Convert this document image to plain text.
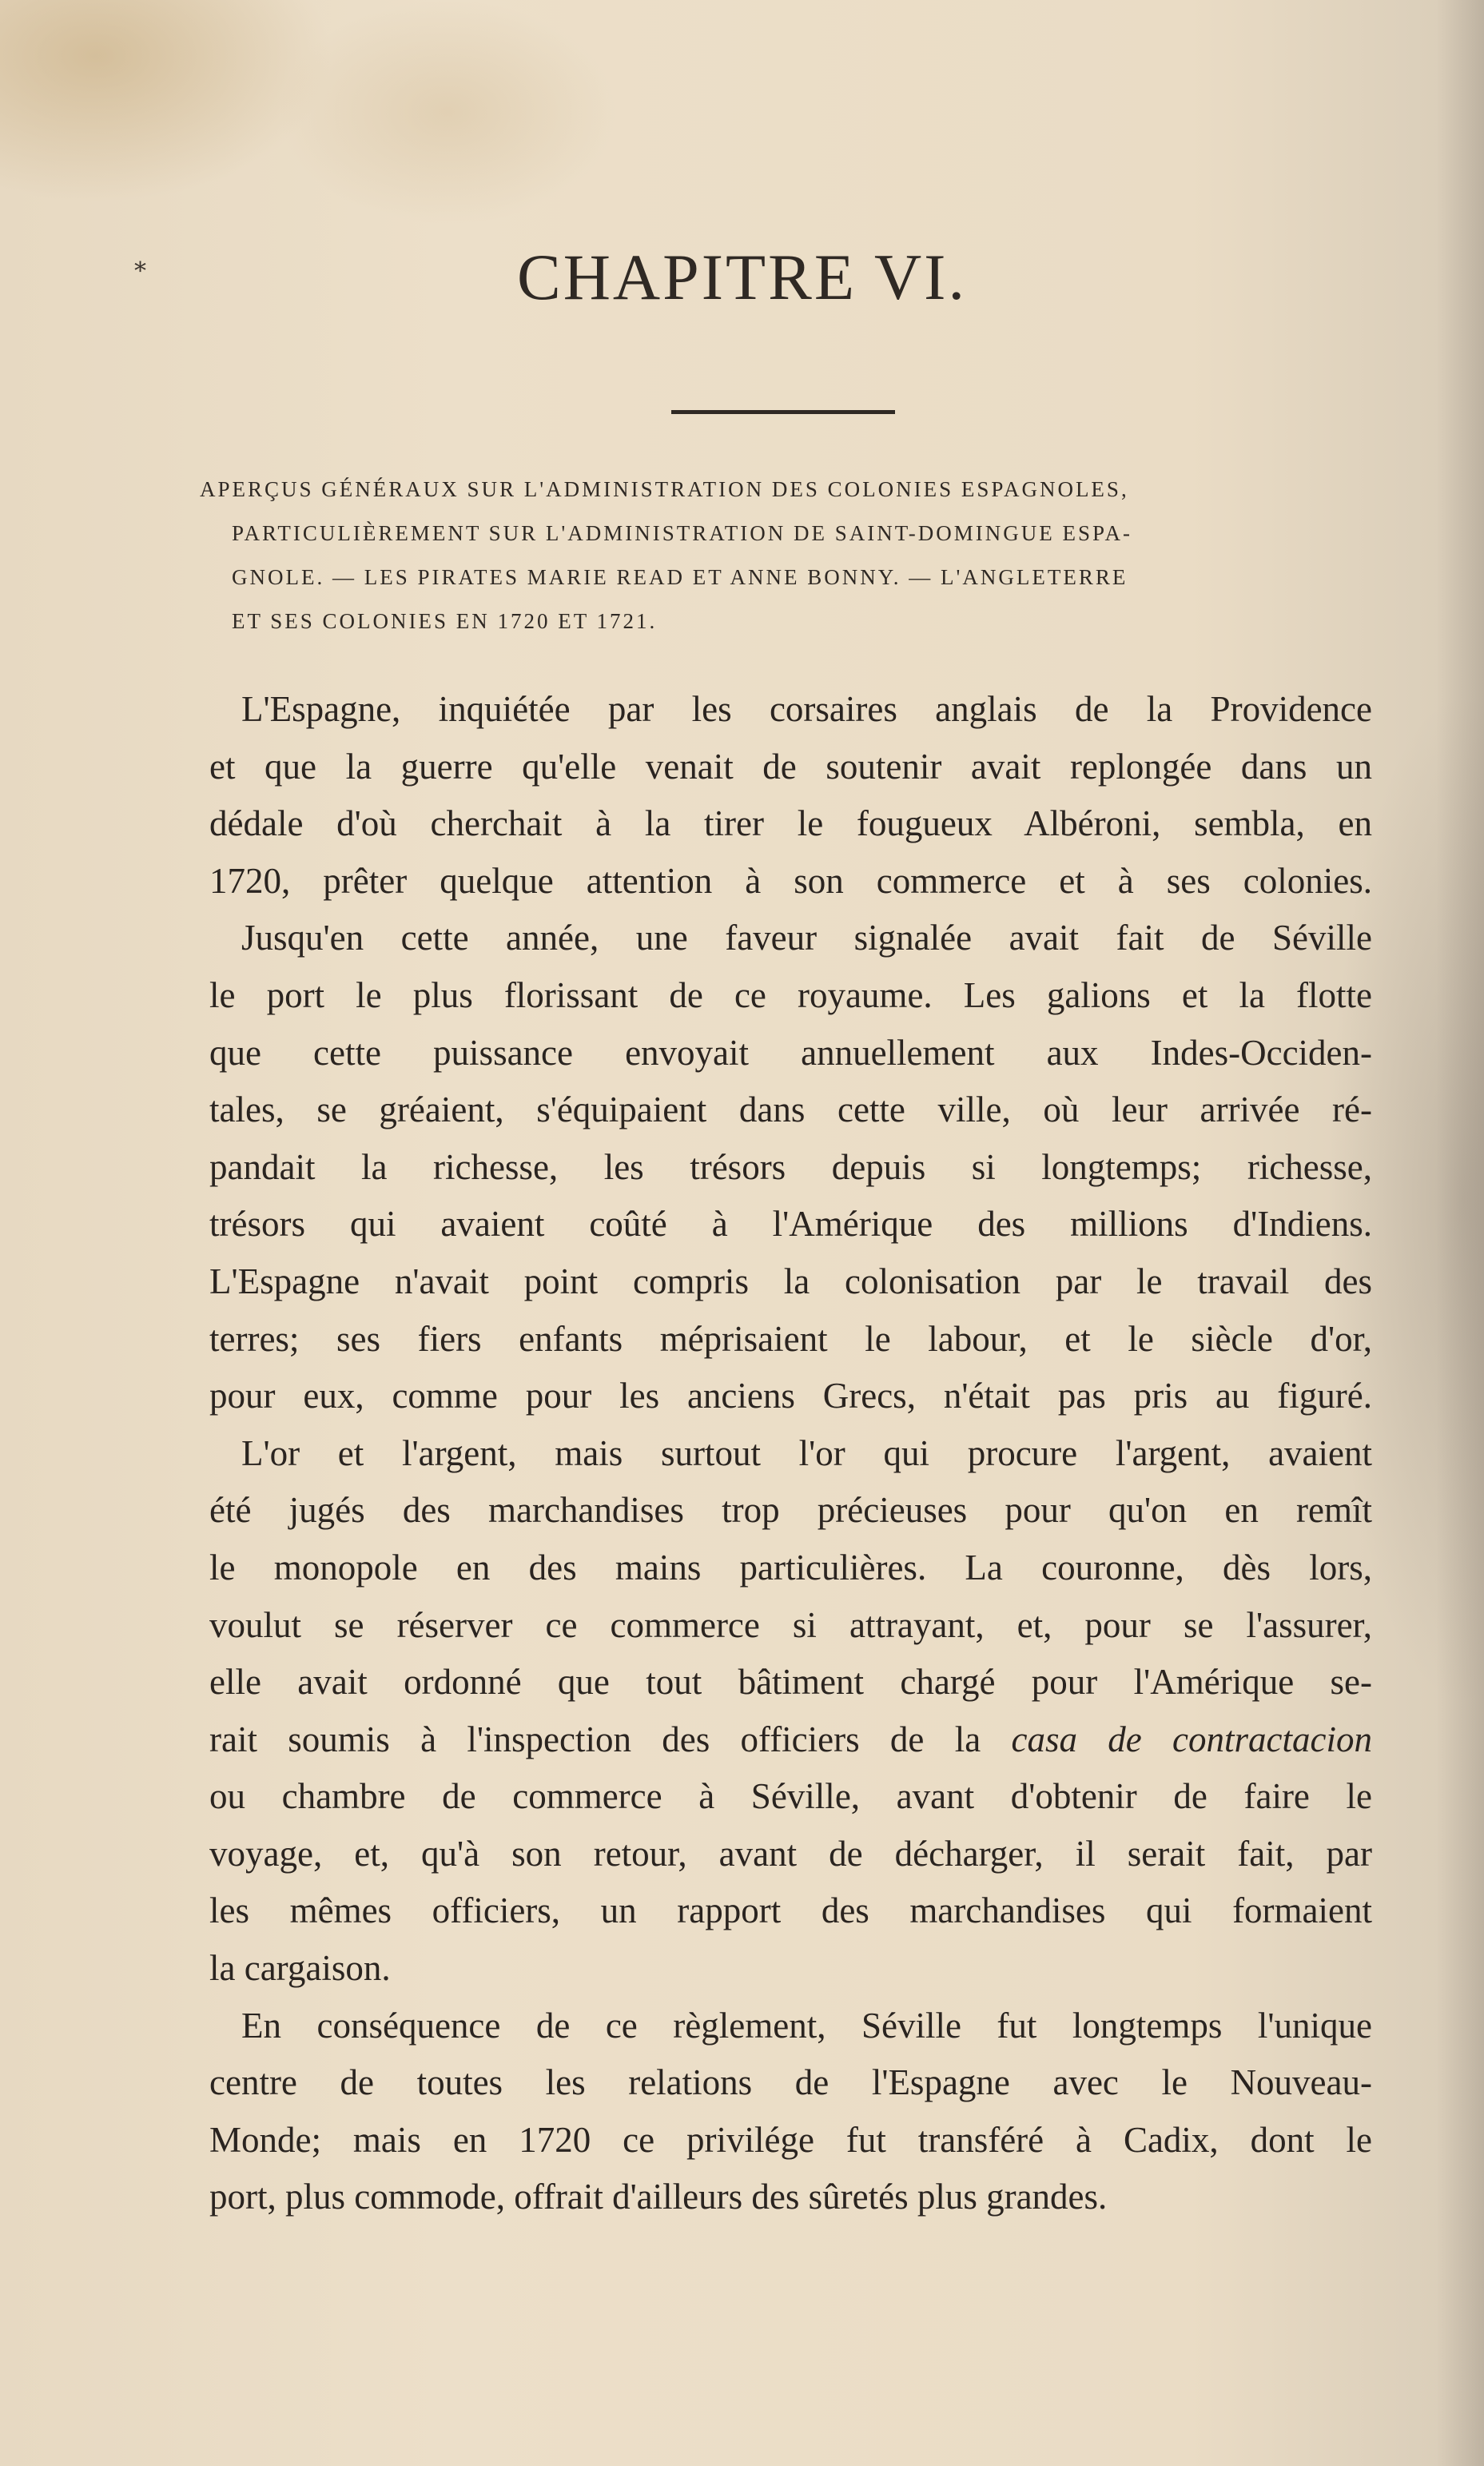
*	CHAPITRE VI.
APERÇUS GÉNÉRAUX SUR L'ADMINISTRATION DES COLONIES ESPAGNOLES,
PARTICULIÈREMENT SUR L'ADMINISTRATION DE SAINT-DOMINGUE ESPA-
GNOLE. — LES PIRATES MARIE READ ET ANNE BONNY. — L'ANGLETERRE
ET SES COLONIES EN 1720 ET 1721.
L'Espagne, inquiétée par les corsaires anglais de la Providence
et que la guerre qu'elle venait de soutenir avait replongée dans un
dédale d'où cherchait à la tirer le fougueux Albéroni, sembla, en
1720, prêter quelque attention à son commerce et à ses colonies.
Jusqu'en cette année, une faveur signalée avait fait de Séville
le port le plus florissant de ce royaume. Les galions et la flotte
que cette puissance envoyait annuellement aux Indes-Occiden-
tales, se gréaient, s'équipaient dans cette ville, où leur arrivée ré-
pandait la richesse, les trésors depuis si longtemps; richesse,
trésors qui avaient coûté à l'Amérique des millions d'Indiens.
L'Espagne n'avait point compris la colonisation par le travail des
terres; ses fiers enfants méprisaient le labour, et le siècle d'or,
pour eux, comme pour les anciens Grecs, n'était pas pris au figuré.
L'or et l'argent, mais surtout l'or qui procure l'argent, avaient
été jugés des marchandises trop précieuses pour qu'on en remît
le monopole en des mains particulières. La couronne, dès lors,
voulut se réserver ce commerce si attrayant, et, pour se l'assurer,
elle avait ordonné que tout bâtiment chargé pour l'Amérique se-
rait soumis à l'inspection des officiers de la casa de contractacion
ou chambre de commerce à Séville, avant d'obtenir de faire le
voyage, et, qu'à son retour, avant de décharger, il serait fait, par
les mêmes officiers, un rapport des marchandises qui formaient
la cargaison.
En conséquence de ce règlement, Séville fut longtemps l'unique
centre de toutes les relations de l'Espagne avec le Nouveau-
Monde; mais en 1720 ce privilége fut transféré à Cadix, dont le
port, plus commode, offrait d'ailleurs des sûretés plus grandes.
